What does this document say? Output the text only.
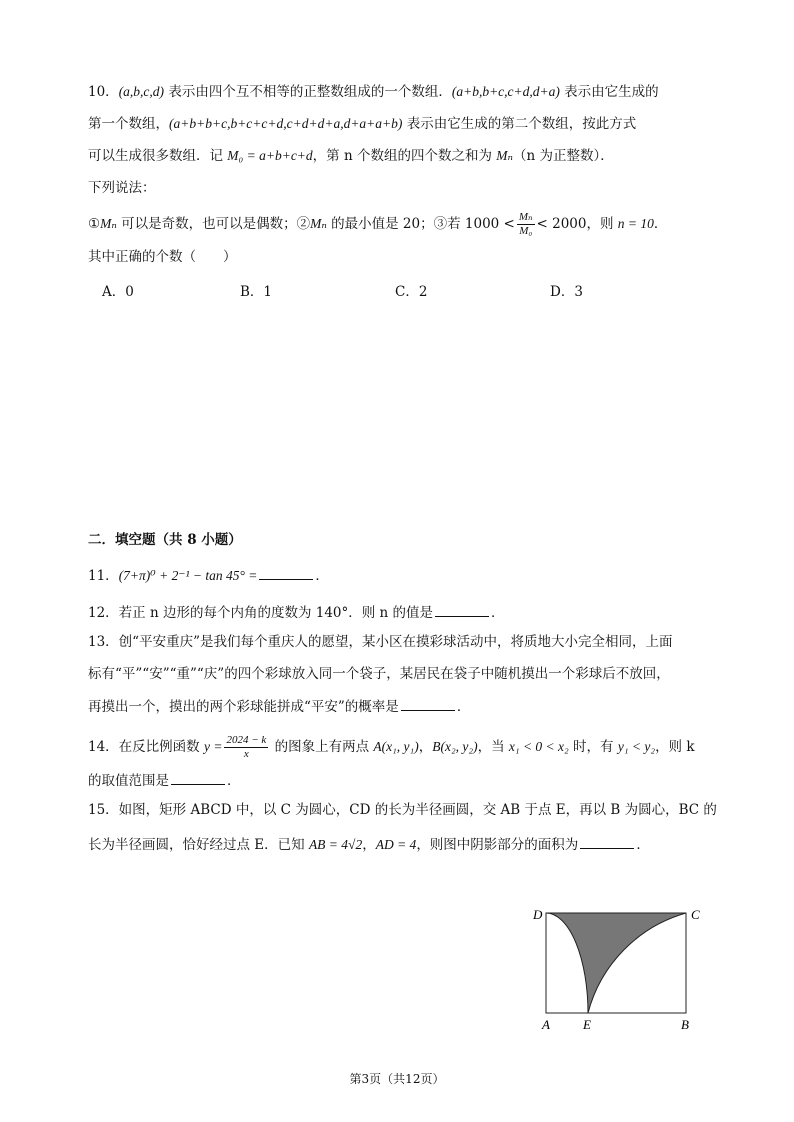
10．(a,b,c,d) 表示由四个互不相等的正整数组成的一个数组．(a+b,b+c,c+d,d+a) 表示由它生成的
第一个数组，(a+b+b+c,b+c+c+d,c+d+d+a,d+a+a+b) 表示由它生成的第二个数组，按此方式
可以生成很多数组．记 M₀ = a+b+c+d，第 n 个数组的四个数之和为 Mₙ（n 为正整数）．
下列说法：
①Mₙ 可以是奇数，也可以是偶数；②Mₙ 的最小值是 20；③若 $1000 < \frac{\text{Mₙ}}{\text{M₀}} < 2000$，则 n = 10．
其中正确的个数（　　）
A．0	B．1	C．2	D．3
二．填空题（共 8 小题）
11．(7+π)⁰ + 2⁻¹ − tan 45° =	．
12．若正 n 边形的每个内角的度数为 140°．则 n 的值是	．
13．创“平安重庆”是我们每个重庆人的愿望，某小区在摸彩球活动中，将质地大小完全相同，上面
标有“平”“安”“重”“庆”的四个彩球放入同一个袋子，某居民在袋子中随机摸出一个彩球后不放回，
再摸出一个，摸出的两个彩球能拼成“平安”的概率是	．
14．在反比例函数 $y = \frac{2024 - k}{x}$ 的图象上有两点 A(x₁, y₁)，B(x₂, y₂)，当 x₁ < 0 < x₂ 时，有 y₁ < y₂，则 k
的取值范围是	．
15．如图，矩形 ABCD 中，以 C 为圆心，CD 的长为半径画圆，交 AB 于点 E，再以 B 为圆心，BC 的
长为半径画圆，恰好经过点 E．已知 AB = 4√2，AD = 4，则图中阴影部分的面积为	．
D	C
A	E	B
第3页（共12页）
